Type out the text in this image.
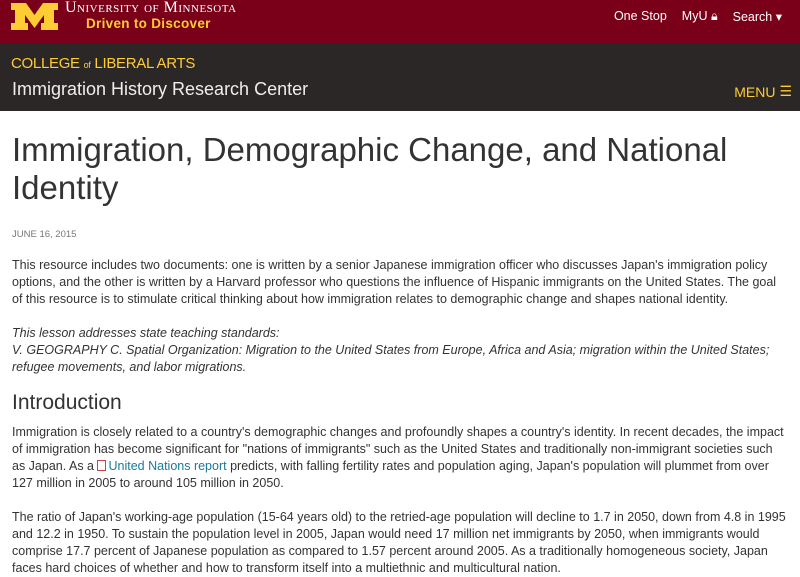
University of Minnesota
Driven to Discover	One Stop MyU 🔒︎ Search ▾
COLLEGE of LIBERAL ARTS
Immigration History Research Center	MENU ☰
Immigration, Demographic Change, and National Identity
JUNE 16, 2015

This resource includes two documents: one is written by a senior Japanese immigration officer who discusses Japan's immigration policy options, and the other is written by a Harvard professor who questions the influence of Hispanic immigrants on the United States. The goal of this resource is to stimulate critical thinking about how immigration relates to demographic change and shapes national identity.

This lesson addresses state teaching standards:
V. GEOGRAPHY C. Spatial Organization: Migration to the United States from Europe, Africa and Asia; migration within the United States; refugee movements, and labor migrations.

Introduction

Immigration is closely related to a country's demographic changes and profoundly shapes a country's identity. In recent decades, the impact of immigration has become significant for "nations of immigrants" such as the United States and traditionally non-immigrant societies such as Japan. As a United Nations report predicts, with falling fertility rates and population aging, Japan's population will plummet from over 127 million in 2005 to around 105 million in 2050.

The ratio of Japan's working-age population (15-64 years old) to the retried-age population will decline to 1.7 in 2050, down from 4.8 in 1995 and 12.2 in 1950. To sustain the population level in 2005, Japan would need 17 million net immigrants by 2050, when immigrants would comprise 17.7 percent of Japanese population as compared to 1.57 percent around 2005. As a traditionally homogeneous society, Japan faces hard choices of whether and how to transform itself into a multiethnic and multicultural nation.
